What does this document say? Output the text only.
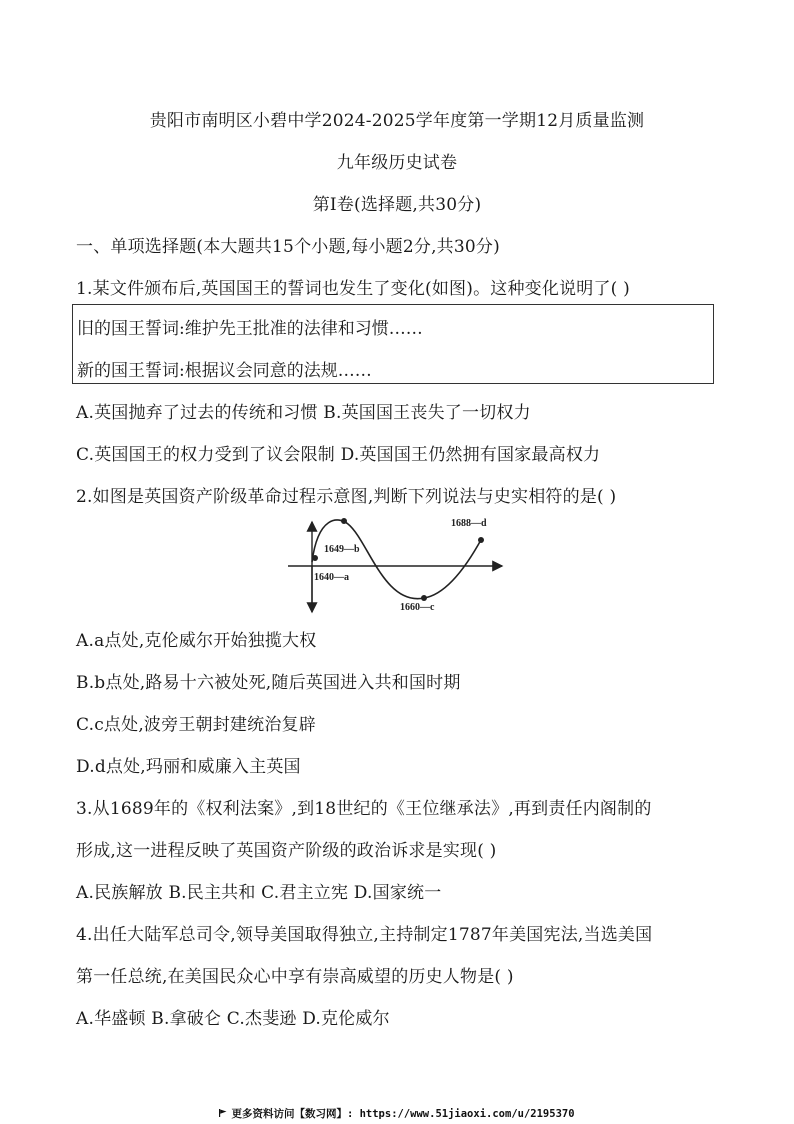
贵阳市南明区小碧中学2024-2025学年度第一学期12月质量监测
九年级历史试卷
第Ⅰ卷(选择题,共30分)
一、单项选择题(本大题共15个小题,每小题2分,共30分)
1.某文件颁布后,英国国王的誓词也发生了变化(如图)。这种变化说明了( )
旧的国王誓词:维护先王批准的法律和习惯……
新的国王誓词:根据议会同意的法规……
A.英国抛弃了过去的传统和习惯 B.英国国王丧失了一切权力
C.英国国王的权力受到了议会限制 D.英国国王仍然拥有国家最高权力
2.如图是英国资产阶级革命过程示意图,判断下列说法与史实相符的是( )
1640—a
1649—b
1660—c
1688—d
A.a点处,克伦威尔开始独揽大权
B.b点处,路易十六被处死,随后英国进入共和国时期
C.c点处,波旁王朝封建统治复辟
D.d点处,玛丽和威廉入主英国
3.从1689年的《权利法案》,到18世纪的《王位继承法》,再到责任内阁制的
形成,这一进程反映了英国资产阶级的政治诉求是实现( )
A.民族解放 B.民主共和 C.君主立宪 D.国家统一
4.出任大陆军总司令,领导美国取得独立,主持制定1787年美国宪法,当选美国
第一任总统,在美国民众心中享有崇高威望的历史人物是( )
A.华盛顿 B.拿破仑 C.杰斐逊 D.克伦威尔
更多资料访问【数习网】: https://www.51jiaoxi.com/u/2195370
